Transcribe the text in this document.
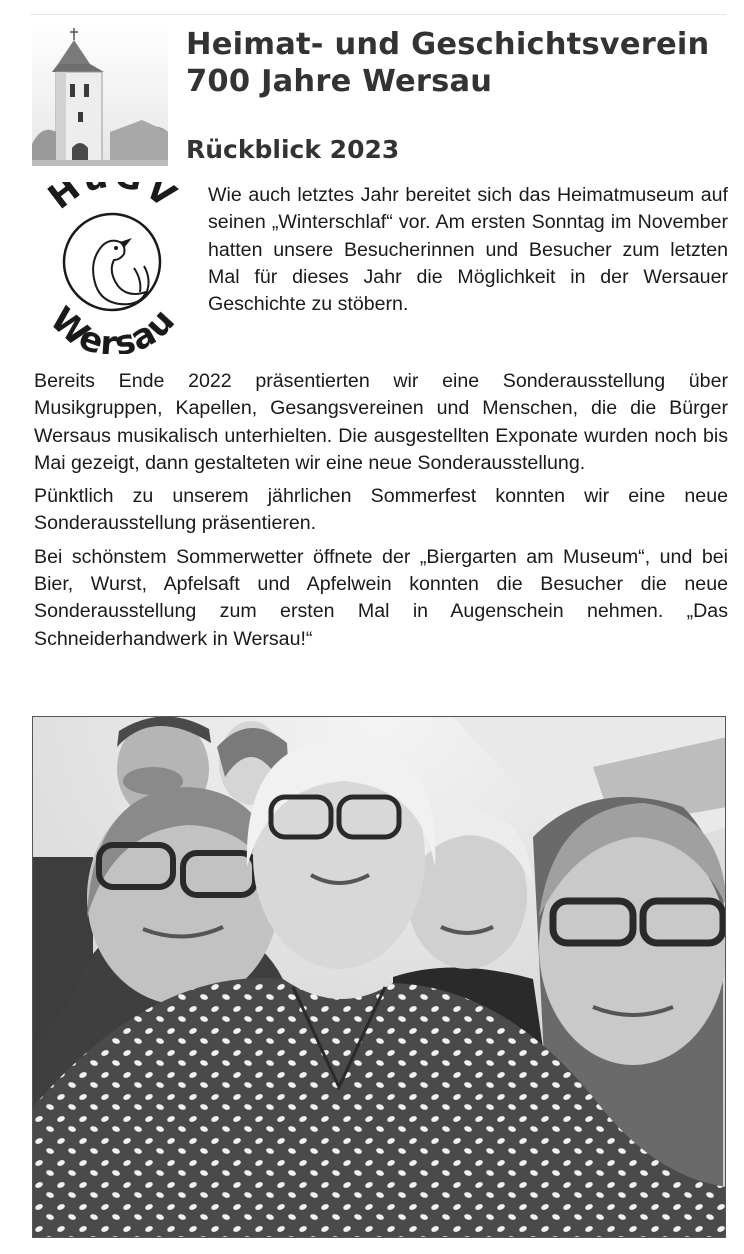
Heimat- und Geschichtsverein
700 Jahre Wersau
Rückblick 2023
H V
Wersau

Wie auch letztes Jahr bereitet sich das Heimatmuseum auf seinen „Winterschlaf“ vor. Am ersten Sonntag im November hatten unsere Besucherinnen und Besucher zum letzten Mal für dieses Jahr die Möglichkeit in der Wersauer Geschichte zu stöbern.

Bereits Ende 2022 präsentierten wir eine Sonderausstellung über Musikgruppen, Kapellen, Gesangsvereinen und Menschen, die die Bürger Wersaus musikalisch unterhielten. Die ausgestellten Exponate wurden noch bis Mai gezeigt, dann gestalteten wir eine neue Sonderausstellung.

Pünktlich zu unserem jährlichen Sommerfest konnten wir eine neue Sonderausstellung präsentieren.

Bei schönstem Sommerwetter öffnete der „Biergarten am Museum“, und bei Bier, Wurst, Apfelsaft und Apfelwein konnten die Besucher die neue Sonderausstellung zum ersten Mal in Augenschein nehmen. „Das Schneiderhandwerk in Wersau!“
